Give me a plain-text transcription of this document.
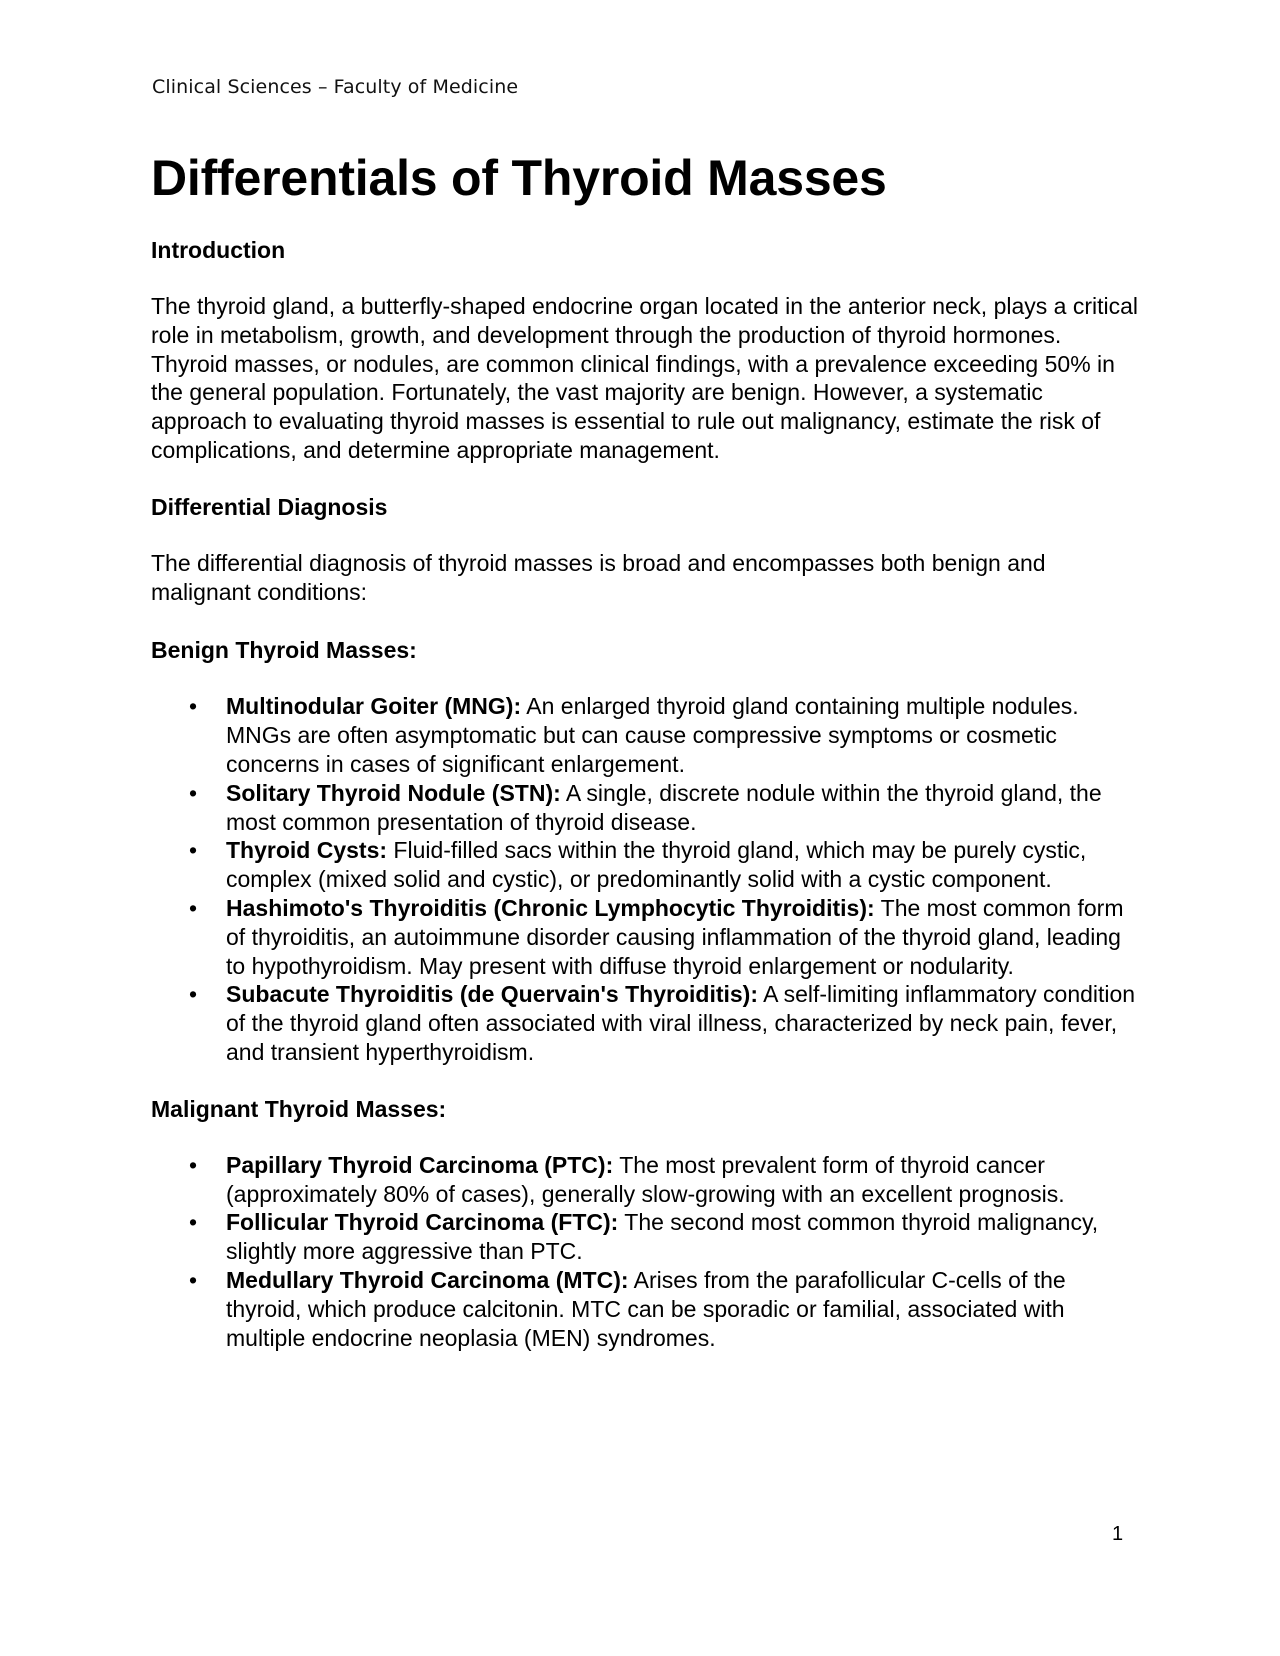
Clinical Sciences – Faculty of Medicine
Differentials of Thyroid Masses
Introduction

The thyroid gland, a butterfly-shaped endocrine organ located in the anterior neck, plays a critical role in metabolism, growth, and development through the production of thyroid hormones. Thyroid masses, or nodules, are common clinical findings, with a prevalence exceeding 50% in the general population. Fortunately, the vast majority are benign. However, a systematic approach to evaluating thyroid masses is essential to rule out malignancy, estimate the risk of complications, and determine appropriate management.

Differential Diagnosis

The differential diagnosis of thyroid masses is broad and encompasses both benign and malignant conditions:

Benign Thyroid Masses:
• Multinodular Goiter (MNG): An enlarged thyroid gland containing multiple nodules. MNGs are often asymptomatic but can cause compressive symptoms or cosmetic concerns in cases of significant enlargement.
• Solitary Thyroid Nodule (STN): A single, discrete nodule within the thyroid gland, the most common presentation of thyroid disease.
• Thyroid Cysts: Fluid-filled sacs within the thyroid gland, which may be purely cystic, complex (mixed solid and cystic), or predominantly solid with a cystic component.
• Hashimoto's Thyroiditis (Chronic Lymphocytic Thyroiditis): The most common form of thyroiditis, an autoimmune disorder causing inflammation of the thyroid gland, leading to hypothyroidism. May present with diffuse thyroid enlargement or nodularity.
• Subacute Thyroiditis (de Quervain's Thyroiditis): A self-limiting inflammatory condition of the thyroid gland often associated with viral illness, characterized by neck pain, fever, and transient hyperthyroidism.
Malignant Thyroid Masses:
• Papillary Thyroid Carcinoma (PTC): The most prevalent form of thyroid cancer (approximately 80% of cases), generally slow-growing with an excellent prognosis.
• Follicular Thyroid Carcinoma (FTC): The second most common thyroid malignancy, slightly more aggressive than PTC.
• Medullary Thyroid Carcinoma (MTC): Arises from the parafollicular C-cells of the thyroid, which produce calcitonin. MTC can be sporadic or familial, associated with multiple endocrine neoplasia (MEN) syndromes.
1
